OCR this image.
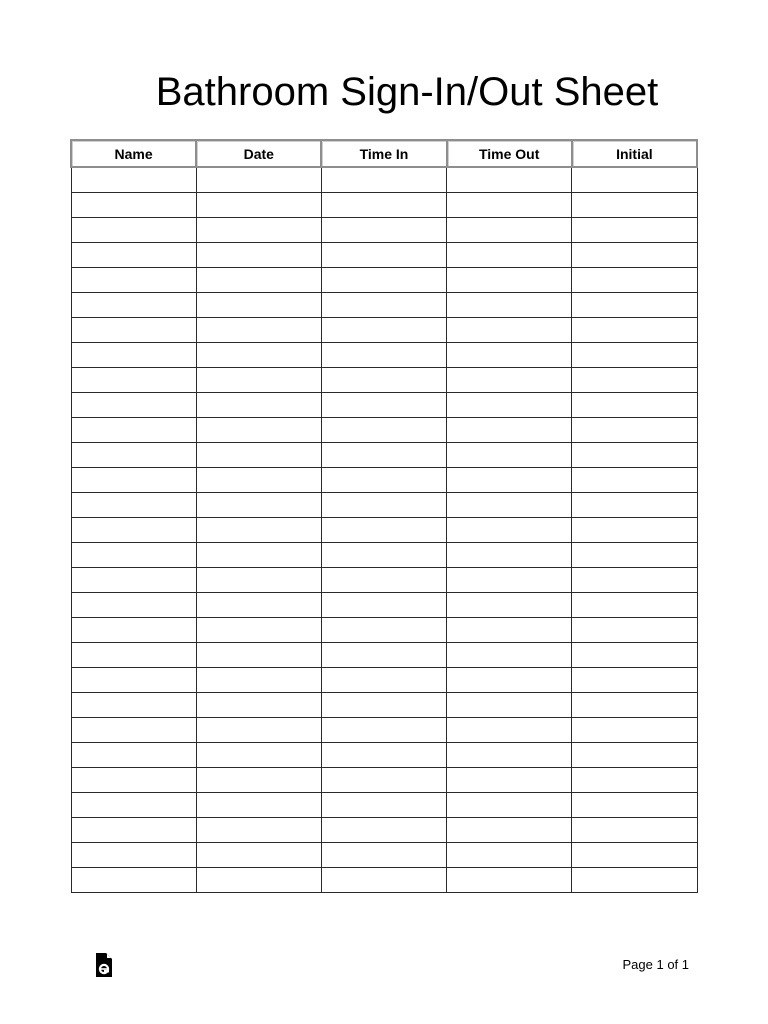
Bathroom Sign-In/Out Sheet
Name	Date	Time In	Time Out	Initial

Page 1 of 1
